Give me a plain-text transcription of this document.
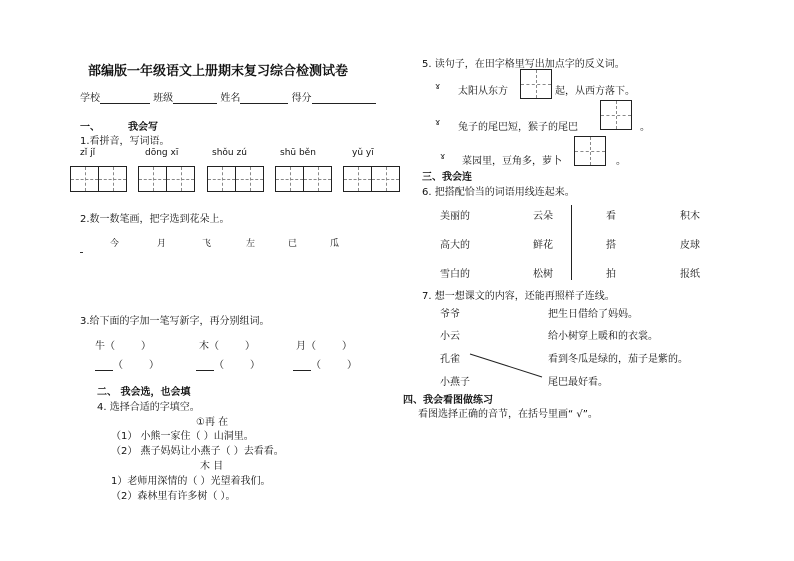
部编版一年级语文上册期末复习综合检测试卷
学校	班级	姓名	得分
一、	我会写
1.看拼音，写词语。
zǐ jǐ	dōng xī	shǒu zú	shū běn	yǔ yī
2.数一数笔画，把字选到花朵上。
今	月	飞	左	已	瓜
3.给下面的字加一笔写新字，再分别组词。
牛（	）	木（	）	月（	）
（	）	（	）	（	）
二、 我会选，也会填
4. 选择合适的字填空。
①再 在
（1） 小熊一家住（ ）山洞里。
（2） 燕子妈妈让小燕子（ ）去看看。
木 目
1）老师用深情的（ ）光望着我们。
（2）森林里有许多树（ ）。
5. 读句子，在田字格里写出加点字的反义词。
ɤ 太阳从东方	起，从西方落下。
ɤ 兔子的尾巴短，猴子的尾巴	。
ɤ 菜园里，豆角多，萝卜	。
三、我会连
6. 把搭配恰当的词语用线连起来。
美丽的
高大的
雪白的
云朵
鲜花
松树
看
搭
拍
积木
皮球
报纸
7. 想一想课文的内容，还能再照样子连线。
爷爷
小云
孔雀
小燕子
把生日借给了妈妈。
给小树穿上暖和的衣裳。
看到冬瓜是绿的，茄子是紫的。
尾巴最好看。
四、我会看图做练习
看图选择正确的音节，在括号里画“ √”。
